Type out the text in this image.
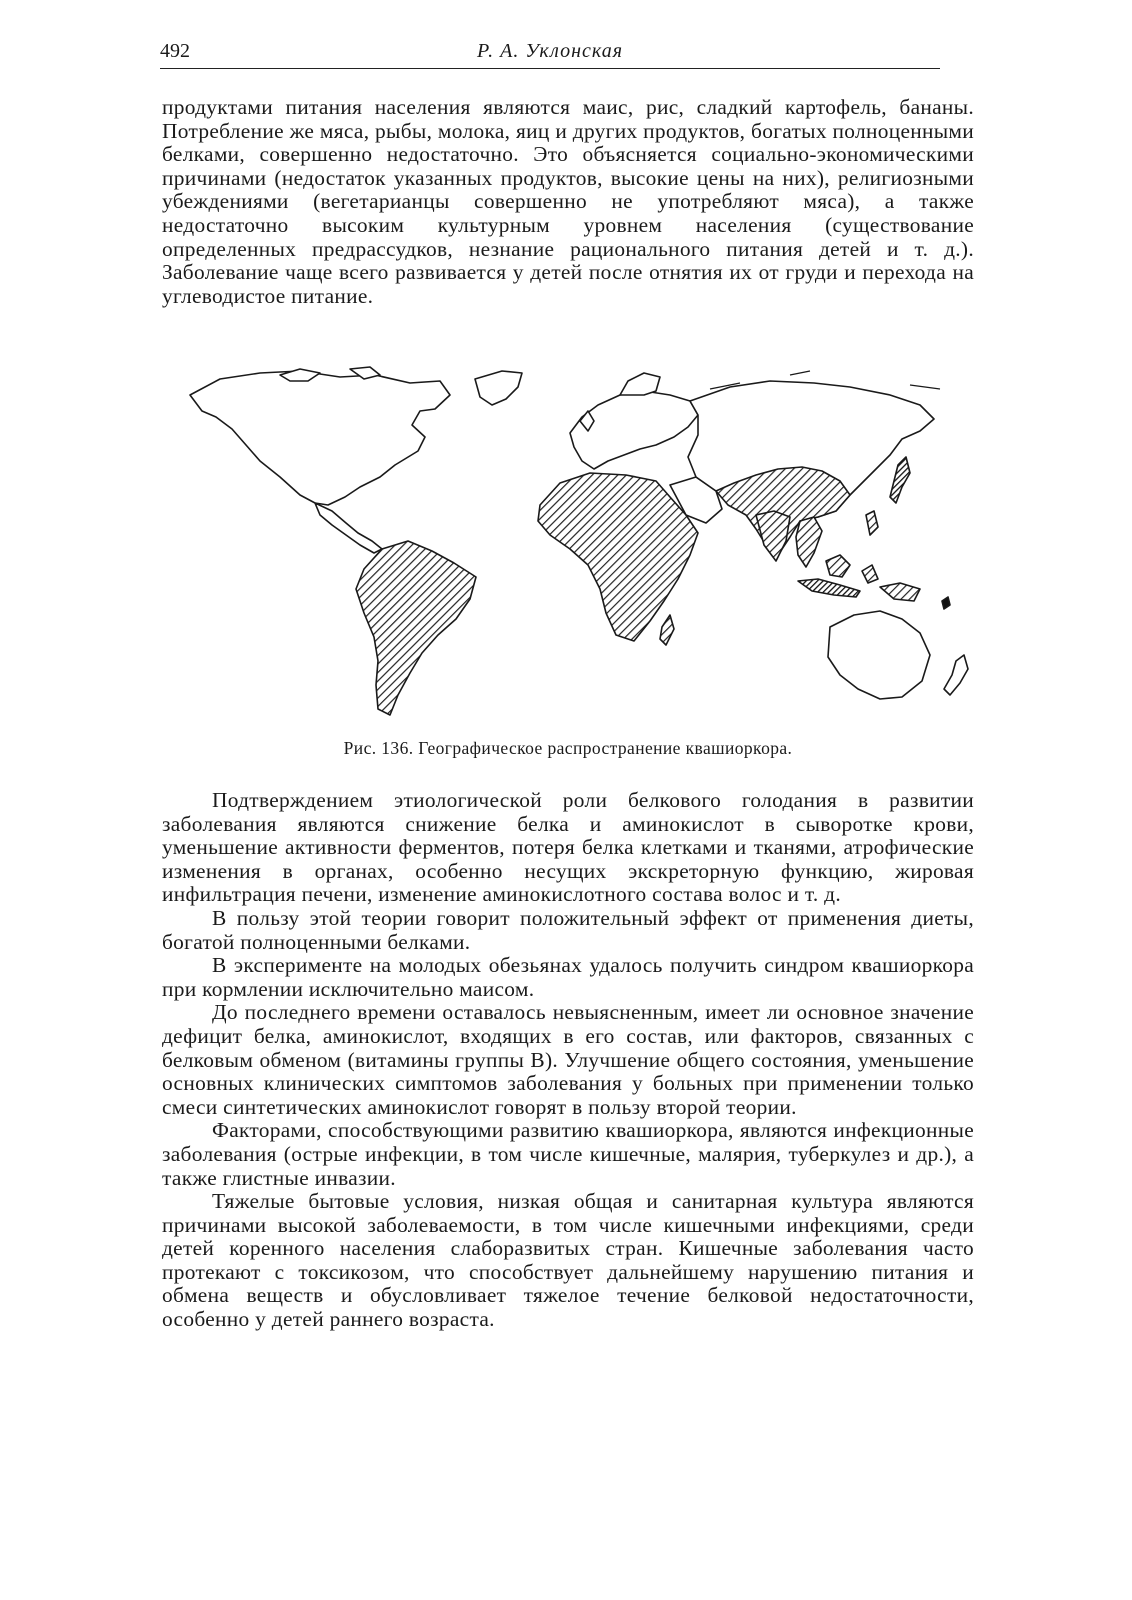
492	Р. А. Уклонская

продуктами питания населения являются маис, рис, сладкий картофель, бананы. Потребление же мяса, рыбы, молока, яиц и других продуктов, богатых полноценными белками, совершенно недостаточно. Это объясняется социально-экономическими причинами (недостаток указанных продуктов, высокие цены на них), религиозными убеждениями (вегетарианцы совершенно не употребляют мяса), а также недостаточно высоким культурным уровнем населения (существование определенных предрассудков, незнание рационального питания детей и т. д.). Заболевание чаще всего развивается у детей после отнятия их от груди и перехода на углеводистое питание.

Рис. 136. Географическое распространение квашиоркора.

Подтверждением этиологической роли белкового голодания в развитии заболевания являются снижение белка и аминокислот в сыворотке крови, уменьшение активности ферментов, потеря белка клетками и тканями, атрофические изменения в органах, особенно несущих экскреторную функцию, жировая инфильтрация печени, изменение аминокислотного состава волос и т. д.

В пользу этой теории говорит положительный эффект от применения диеты, богатой полноценными белками.

В эксперименте на молодых обезьянах удалось получить синдром квашиоркора при кормлении исключительно маисом.

До последнего времени оставалось невыясненным, имеет ли основное значение дефицит белка, аминокислот, входящих в его состав, или факторов, связанных с белковым обменом (витамины группы В). Улучшение общего состояния, уменьшение основных клинических симптомов заболевания у больных при применении только смеси синтетических аминокислот говорят в пользу второй теории.

Факторами, способствующими развитию квашиоркора, являются инфекционные заболевания (острые инфекции, в том числе кишечные, малярия, туберкулез и др.), а также глистные инвазии.

Тяжелые бытовые условия, низкая общая и санитарная культура являются причинами высокой заболеваемости, в том числе кишечными инфекциями, среди детей коренного населения слаборазвитых стран. Кишечные заболевания часто протекают с токсикозом, что способствует дальнейшему нарушению питания и обмена веществ и обусловливает тяжелое течение белковой недостаточности, особенно у детей раннего возраста.
